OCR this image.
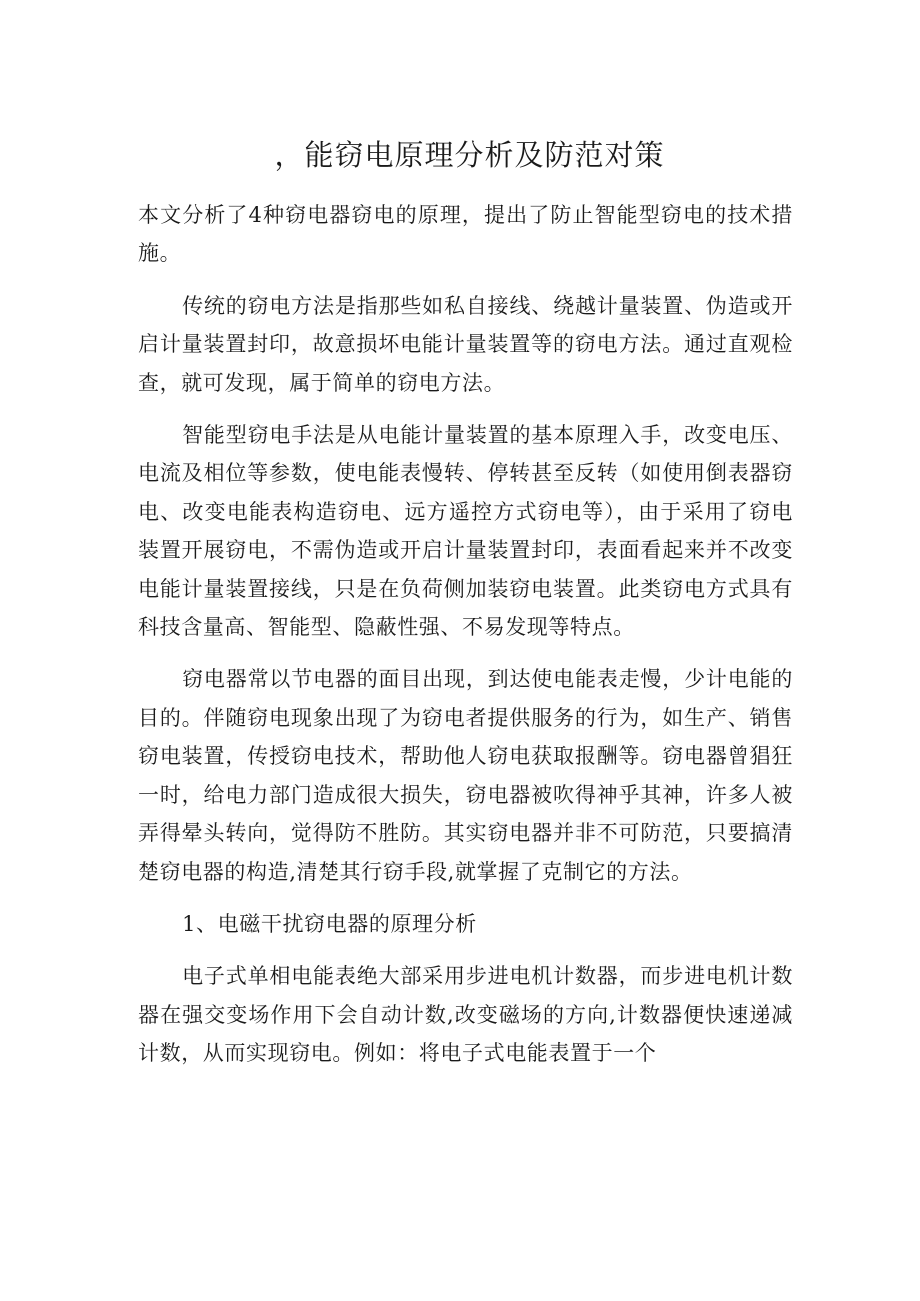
，能窃电原理分析及防范对策

本文分析了4种窃电器窃电的原理，提出了防止智能型窃电的技术措施。

传统的窃电方法是指那些如私自接线、绕越计量装置、伪造或开启计量装置封印，故意损坏电能计量装置等的窃电方法。通过直观检查，就可发现，属于简单的窃电方法。

智能型窃电手法是从电能计量装置的基本原理入手，改变电压、电流及相位等参数，使电能表慢转、停转甚至反转（如使用倒表器窃电、改变电能表构造窃电、远方遥控方式窃电等），由于采用了窃电装置开展窃电，不需伪造或开启计量装置封印，表面看起来并不改变电能计量装置接线，只是在负荷侧加装窃电装置。此类窃电方式具有科技含量高、智能型、隐蔽性强、不易发现等特点。

窃电器常以节电器的面目出现，到达使电能表走慢，少计电能的目的。伴随窃电现象出现了为窃电者提供服务的行为，如生产、销售窃电装置，传授窃电技术，帮助他人窃电获取报酬等。窃电器曾猖狂一时，给电力部门造成很大损失，窃电器被吹得神乎其神，许多人被弄得晕头转向，觉得防不胜防。其实窃电器并非不可防范，只要搞清楚窃电器的构造,清楚其行窃手段,就掌握了克制它的方法。

1、电磁干扰窃电器的原理分析

电子式单相电能表绝大部采用步进电机计数器，而步进电机计数器在强交变场作用下会自动计数,改变磁场的方向,计数器便快速递减计数，从而实现窃电。例如：将电子式电能表置于一个
